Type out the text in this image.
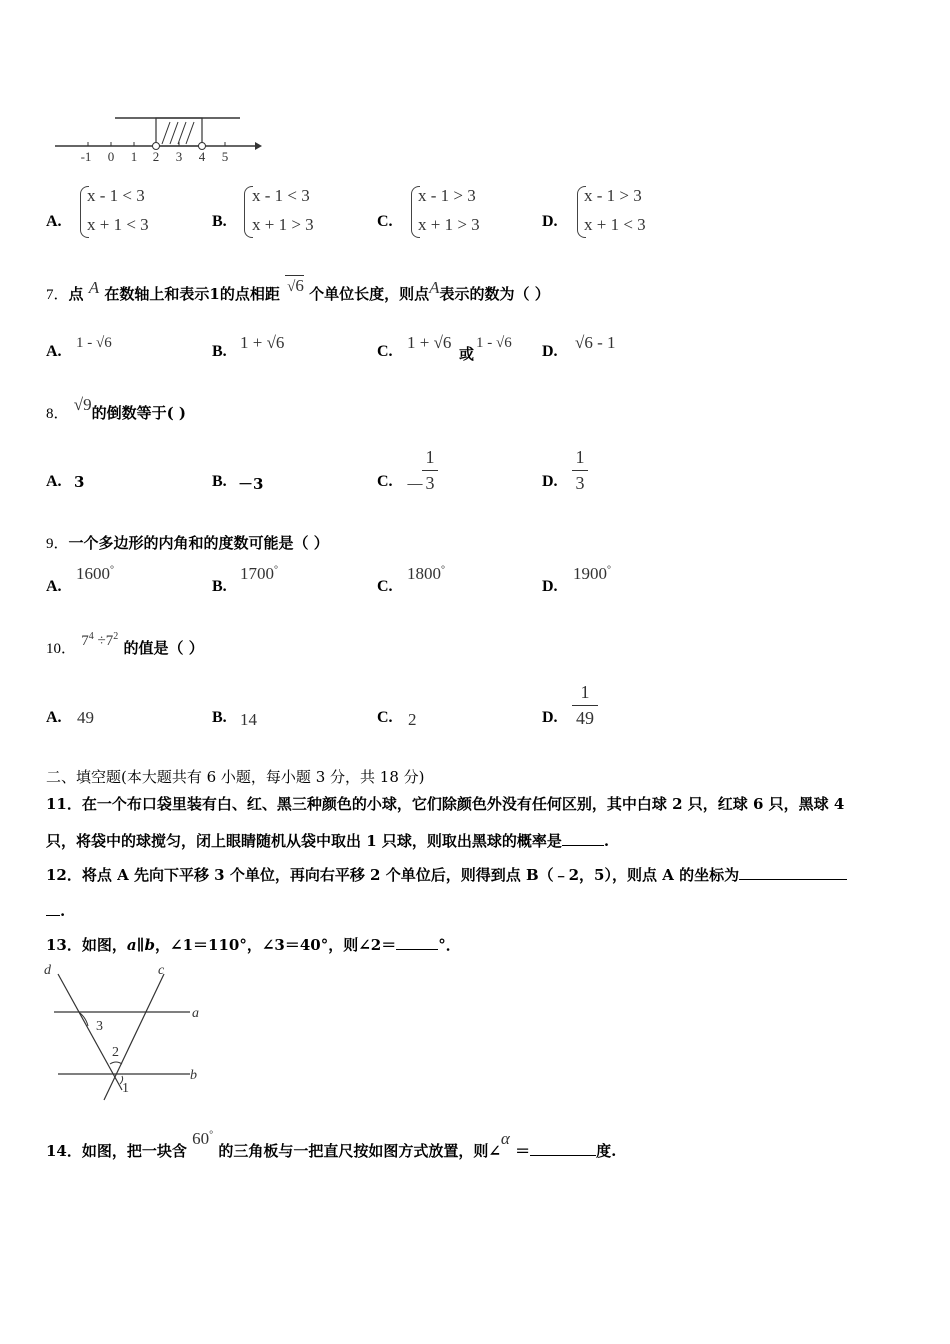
-1 0 1 2 3 4 5
A.
x - 1 < 3
x + 1 < 3	B.
x - 1 < 3
x + 1 > 3	C.
x - 1 > 3
x + 1 > 3	D.
x - 1 > 3
x + 1 < 3
7．点 A 在数轴上和表示1的点相距 √6 个单位长度，则点A表示的数为（ ）
A. 1 - √6	B. 1 + √6	C. 1 + √6
或
1 - √6 D. √6 - 1
8． √9的倒数等于( )
A. 3	B. －3	C. －
1
3	D.
1
3
9．一个多边形的内角和的度数可能是（ ）
A.
1600°
B.
1700°
C.
1800°
D.
1900°
10． $7^4 \div 7^2$ 的值是（ ）
A. 49	B. 14	C. 2	D.
1
49
二、填空题(本大题共有 6 小题，每小题 3 分，共 18 分)
11．在一个布口袋里装有白、红、黑三种颜色的小球，它们除颜色外没有任何区别，其中白球 2 只，红球 6 只，黑球 4
只，将袋中的球搅匀，闭上眼睛随机从袋中取出 1 只球，则取出黑球的概率是	.
12．将点 A 先向下平移 3 个单位，再向右平移 2 个单位后，则得到点 B（﹣2，5），则点 A 的坐标为
.
13．如图，a∥b，∠1＝110°，∠3＝40°，则∠2＝	°．
d	c
a
b
3
2
1
14．如图，把一块含 60° 的三角板与一把直尺按如图方式放置，则∠α ＝	度.
